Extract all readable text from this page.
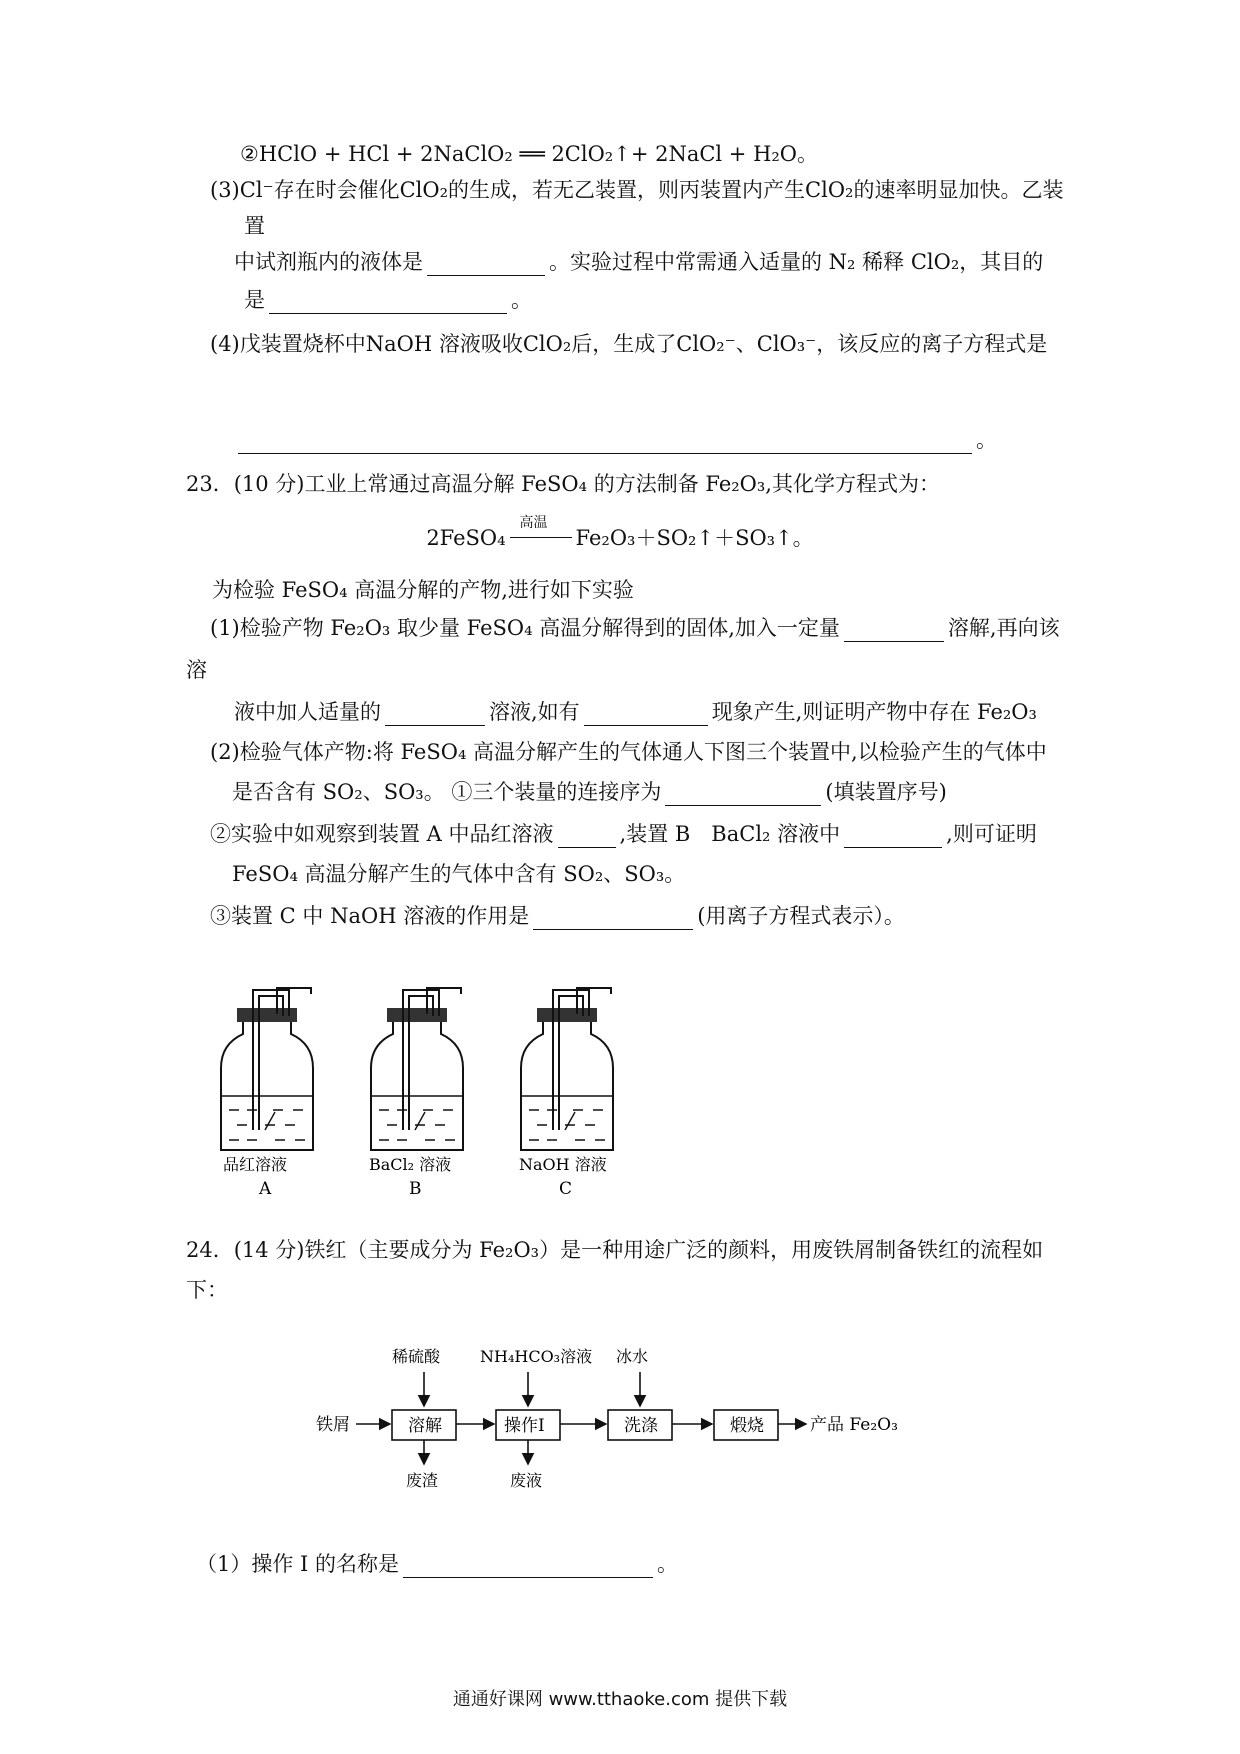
②HClO + HCl + 2NaClO₂ ══ 2ClO₂↑+ 2NaCl + H₂O。
(3)Cl⁻存在时会催化ClO₂的生成，若无乙装置，则丙装置内产生ClO₂的速率明显加快。乙装
置
中试剂瓶内的液体是	。实验过程中常需通入适量的 N₂ 稀释 ClO₂，其目的
是	。
(4)戊装置烧杯中NaOH 溶液吸收ClO₂后，生成了ClO₂⁻、ClO₃⁻，该反应的离子方程式是
。
23．(10 分)工业上常通过高温分解 FeSO₄ 的方法制备 Fe₂O₃,其化学方程式为：
2FeSO₄
高温
Fe₂O₃＋SO₂↑＋SO₃↑。
为检验 FeSO₄ 高温分解的产物,进行如下实验
(1)检验产物 Fe₂O₃ 取少量 FeSO₄ 高温分解得到的固体,加入一定量	溶解,再向该
溶
液中加人适量的	溶液,如有	现象产生,则证明产物中存在 Fe₂O₃
(2)检验气体产物:将 FeSO₄ 高温分解产生的气体通人下图三个装置中,以检验产生的气体中
是否含有 SO₂、SO₃。 ①三个装量的连接序为	(填装置序号)
②实验中如观察到装置 A 中品红溶液	,装置 B　BaCl₂ 溶液中	,则可证明
FeSO₄ 高温分解产生的气体中含有 SO₂、SO₃。
③装置 C 中 NaOH 溶液的作用是	(用离子方程式表示）。
品红溶液
A
BaCl₂ 溶液
B
NaOH 溶液
C
24．(14 分)铁红（主要成分为 Fe₂O₃）是一种用途广泛的颜料，用废铁屑制备铁红的流程如
下：
铁屑	溶解	操作I	洗涤	煅烧	产品 Fe₂O₃
稀硫酸 NH₄HCO₃溶液 冰水
废渣	废液
（1）操作 I 的名称是	。
通通好课网 www.tthaoke.com 提供下载
